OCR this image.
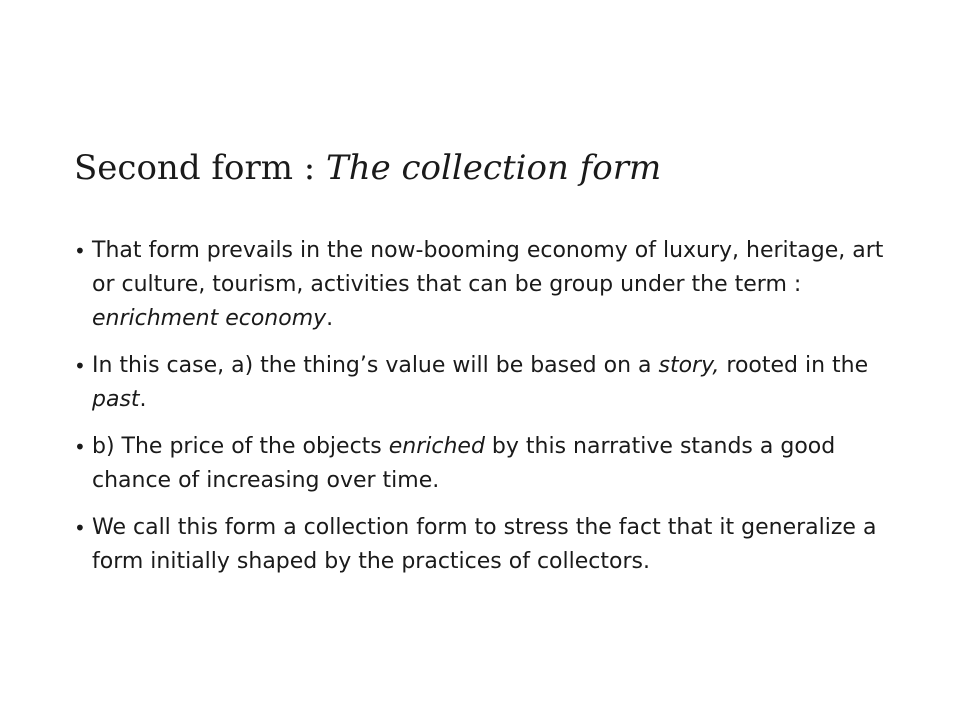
Second form : The collection form
• That form prevails in the now-booming economy of luxury, heritage, art or culture, tourism, activities that can be group under the term : enrichment economy.
• In this case, a) the thing’s value will be based on a story, rooted in the past.
• b) The price of the objects enriched by this narrative stands a good chance of increasing over time.
• We call this form a collection form to stress the fact that it generalize a form initially shaped by the practices of collectors.
